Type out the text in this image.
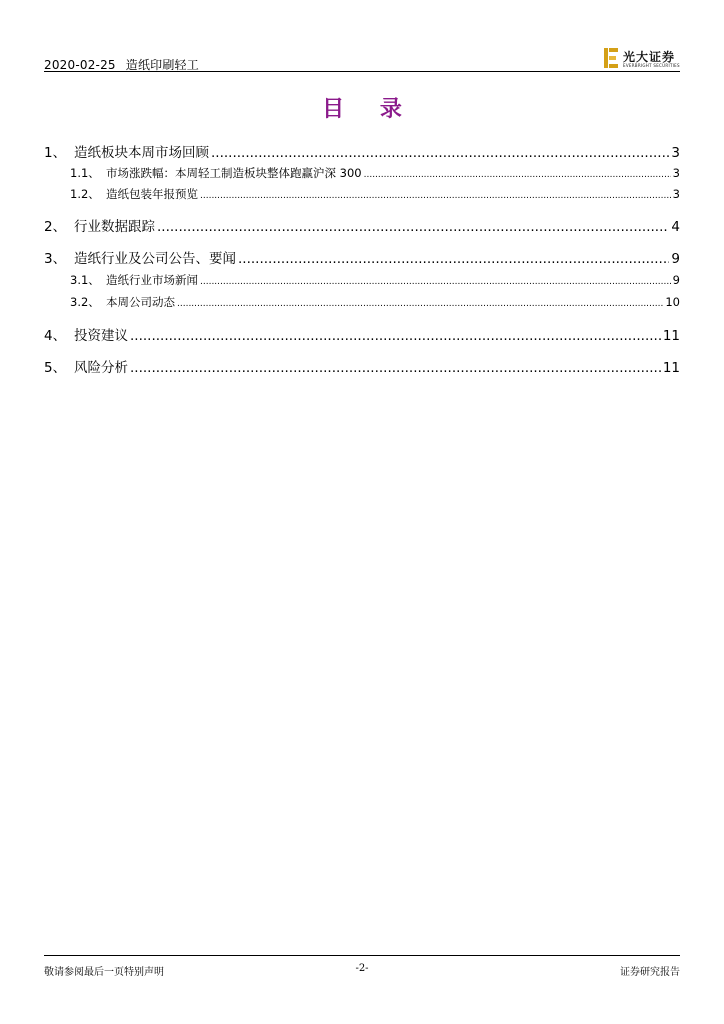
2020-02-25 造纸印刷轻工
光大证券
EVERBRIGHT SECURITIES
目 录
1、 造纸板块本周市场回顾 .....	3
1.1、 市场涨跌幅：本周轻工制造板块整体跑赢沪深 300 .....	3
1.2、 造纸包装年报预览 .....	3
2、 行业数据跟踪 .....	4
3、 造纸行业及公司公告、要闻 .....	9
3.1、 造纸行业市场新闻 .....	9
3.2、 本周公司动态 .....	10
4、 投资建议 .....	11
5、 风险分析 .....	11
敬请参阅最后一页特别声明	-2-	证券研究报告
